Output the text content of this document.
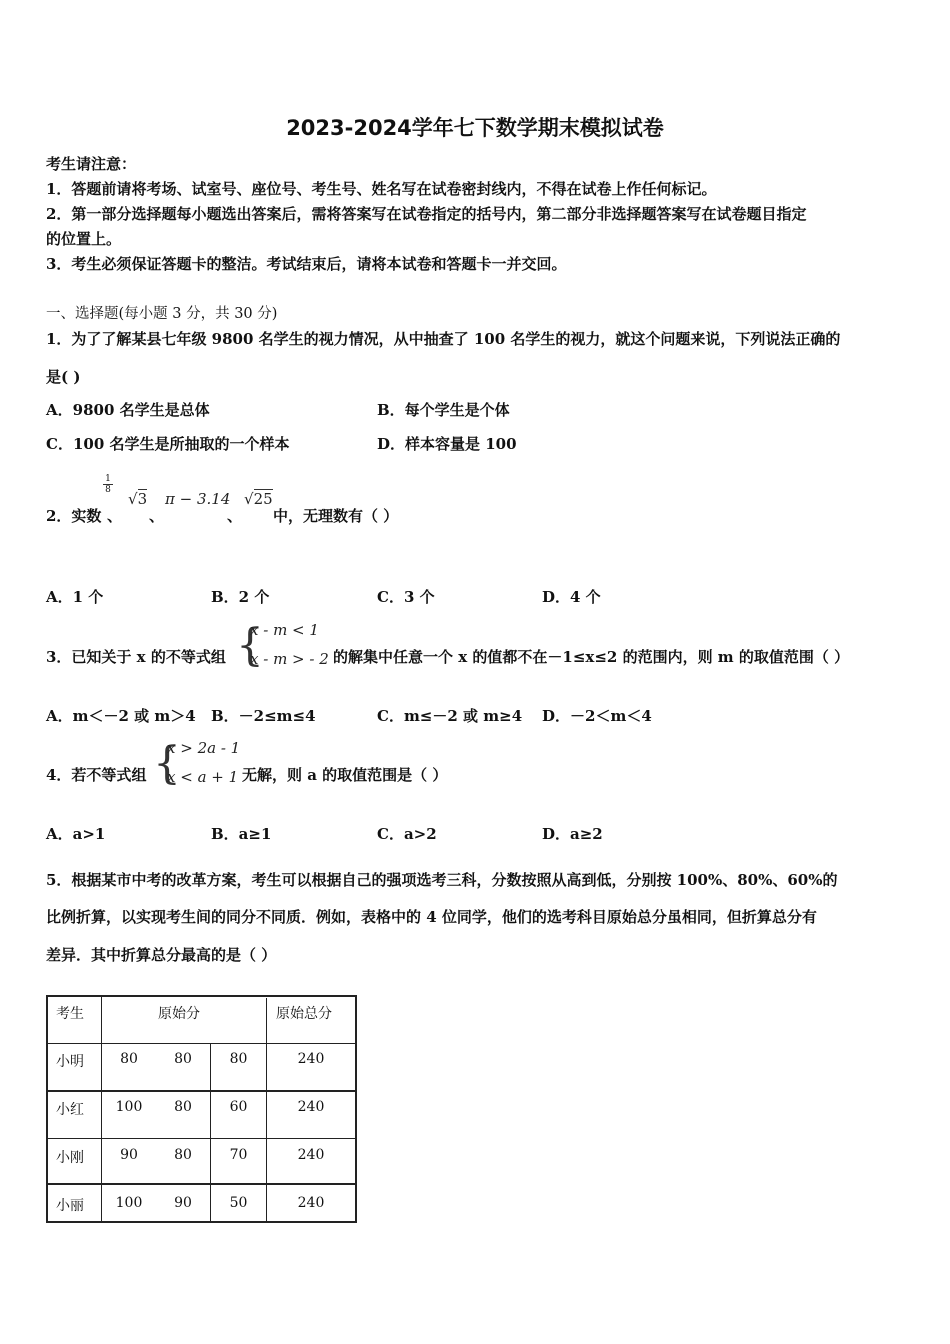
2023-2024学年七下数学期末模拟试卷
考生请注意：
1．答题前请将考场、试室号、座位号、考生号、姓名写在试卷密封线内，不得在试卷上作任何标记。
2．第一部分选择题每小题选出答案后，需将答案写在试卷指定的括号内，第二部分非选择题答案写在试卷题目指定
的位置上。
3．考生必须保证答题卡的整洁。考试结束后，请将本试卷和答题卡一并交回。
一、选择题(每小题 3 分，共 30 分)
1．为了了解某县七年级 9800 名学生的视力情况，从中抽查了 100 名学生的视力，就这个问题来说，下列说法正确的
是( )
A．9800 名学生是总体	B．每个学生是个体
C．100 名学生是所抽取的一个样本	D．样本容量是 100
2．实数 、
$\frac{1}{8}$
√3
、
π − 3.14
、
√25
中，无理数有（ ）
A．1 个	B．2 个	C．3 个	D．4 个
3．已知关于 x 的不等式组 {
x - m < 1
x - m > - 2 的解集中任意一个 x 的值都不在－1≤x≤2 的范围内，则 m 的取值范围（ ）
A．m＜－2 或 m＞4 B．－2≤m≤4	C．m≤－2 或 m≥4 D．－2＜m＜4
4．若不等式组 {
x > 2a - 1
x < a + 1 无解，则 a 的取值范围是（ ）
A．a>1	B．a≥1	C．a>2	D．a≥2
5．根据某市中考的改革方案，考生可以根据自己的强项选考三科，分数按照从高到低，分别按 100%、80%、60%的
比例折算，以实现考生间的同分不同质．例如，表格中的 4 位同学，他们的选考科目原始总分虽相同，但折算总分有
差异．其中折算总分最高的是（ ）
考生	原始分	原始总分
小明	80	80	80	240
小红	100	80	60	240
小刚	90	80	70	240
小丽	100	90	50	240
